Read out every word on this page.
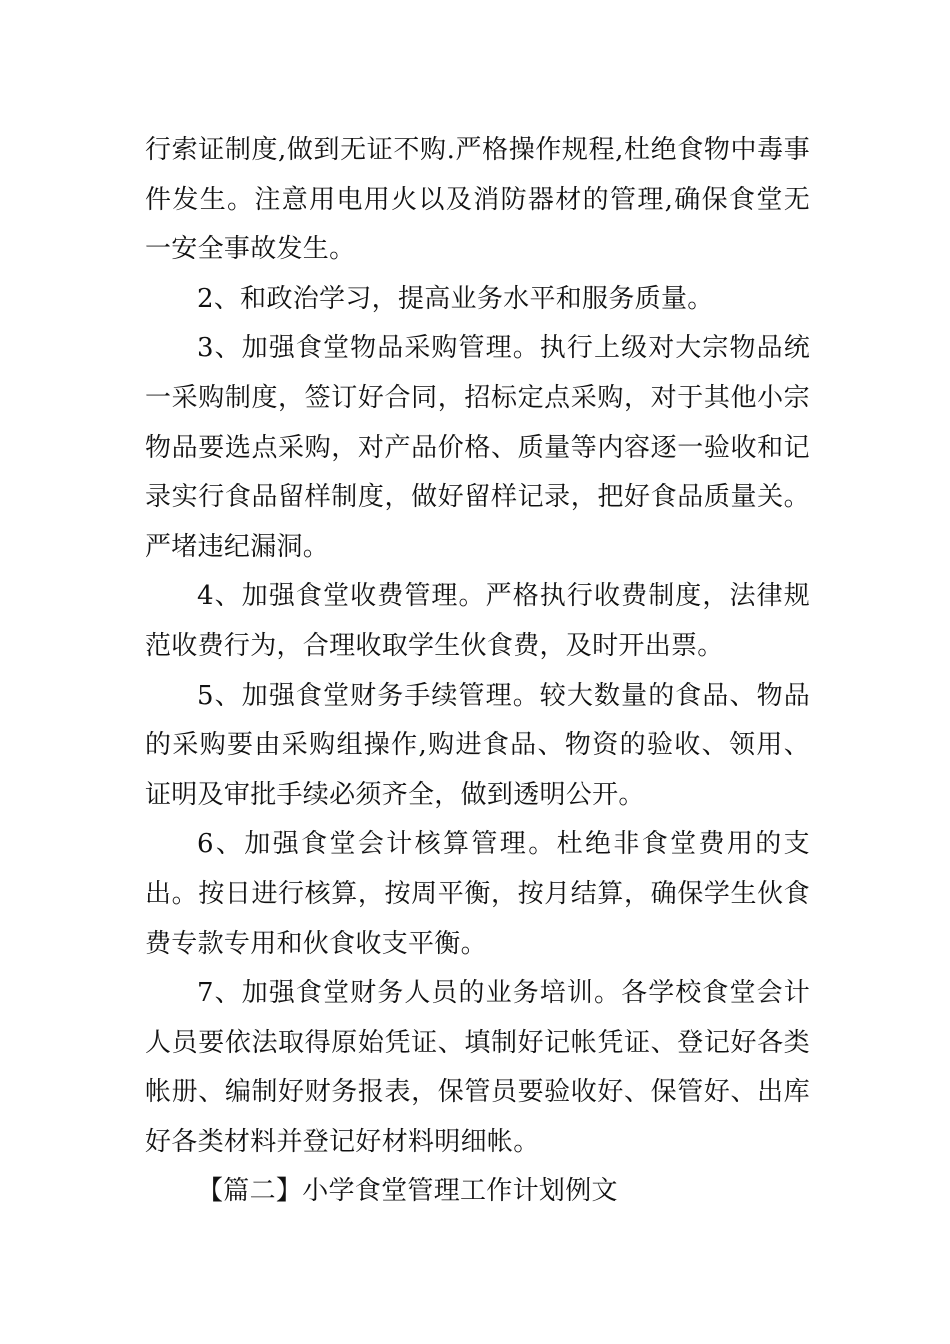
行索证制度,做到无证不购.严格操作规程,杜绝食物中毒事件发生。注意用电用火以及消防器材的管理,确保食堂无一安全事故发生。

2、和政治学习，提高业务水平和服务质量。

3、加强食堂物品采购管理。执行上级对大宗物品统一采购制度，签订好合同，招标定点采购，对于其他小宗物品要选点采购，对产品价格、质量等内容逐一验收和记录实行食品留样制度，做好留样记录，把好食品质量关。严堵违纪漏洞。

4、加强食堂收费管理。严格执行收费制度，法律规范收费行为，合理收取学生伙食费，及时开出票。

5、加强食堂财务手续管理。较大数量的食品、物品的采购要由采购组操作,购进食品、物资的验收、领用、证明及审批手续必须齐全，做到透明公开。

6、加强食堂会计核算管理。杜绝非食堂费用的支出。按日进行核算，按周平衡，按月结算，确保学生伙食费专款专用和伙食收支平衡。

7、加强食堂财务人员的业务培训。各学校食堂会计人员要依法取得原始凭证、填制好记帐凭证、登记好各类帐册、编制好财务报表，保管员要验收好、保管好、出库好各类材料并登记好材料明细帐。

【篇二】小学食堂管理工作计划例文
